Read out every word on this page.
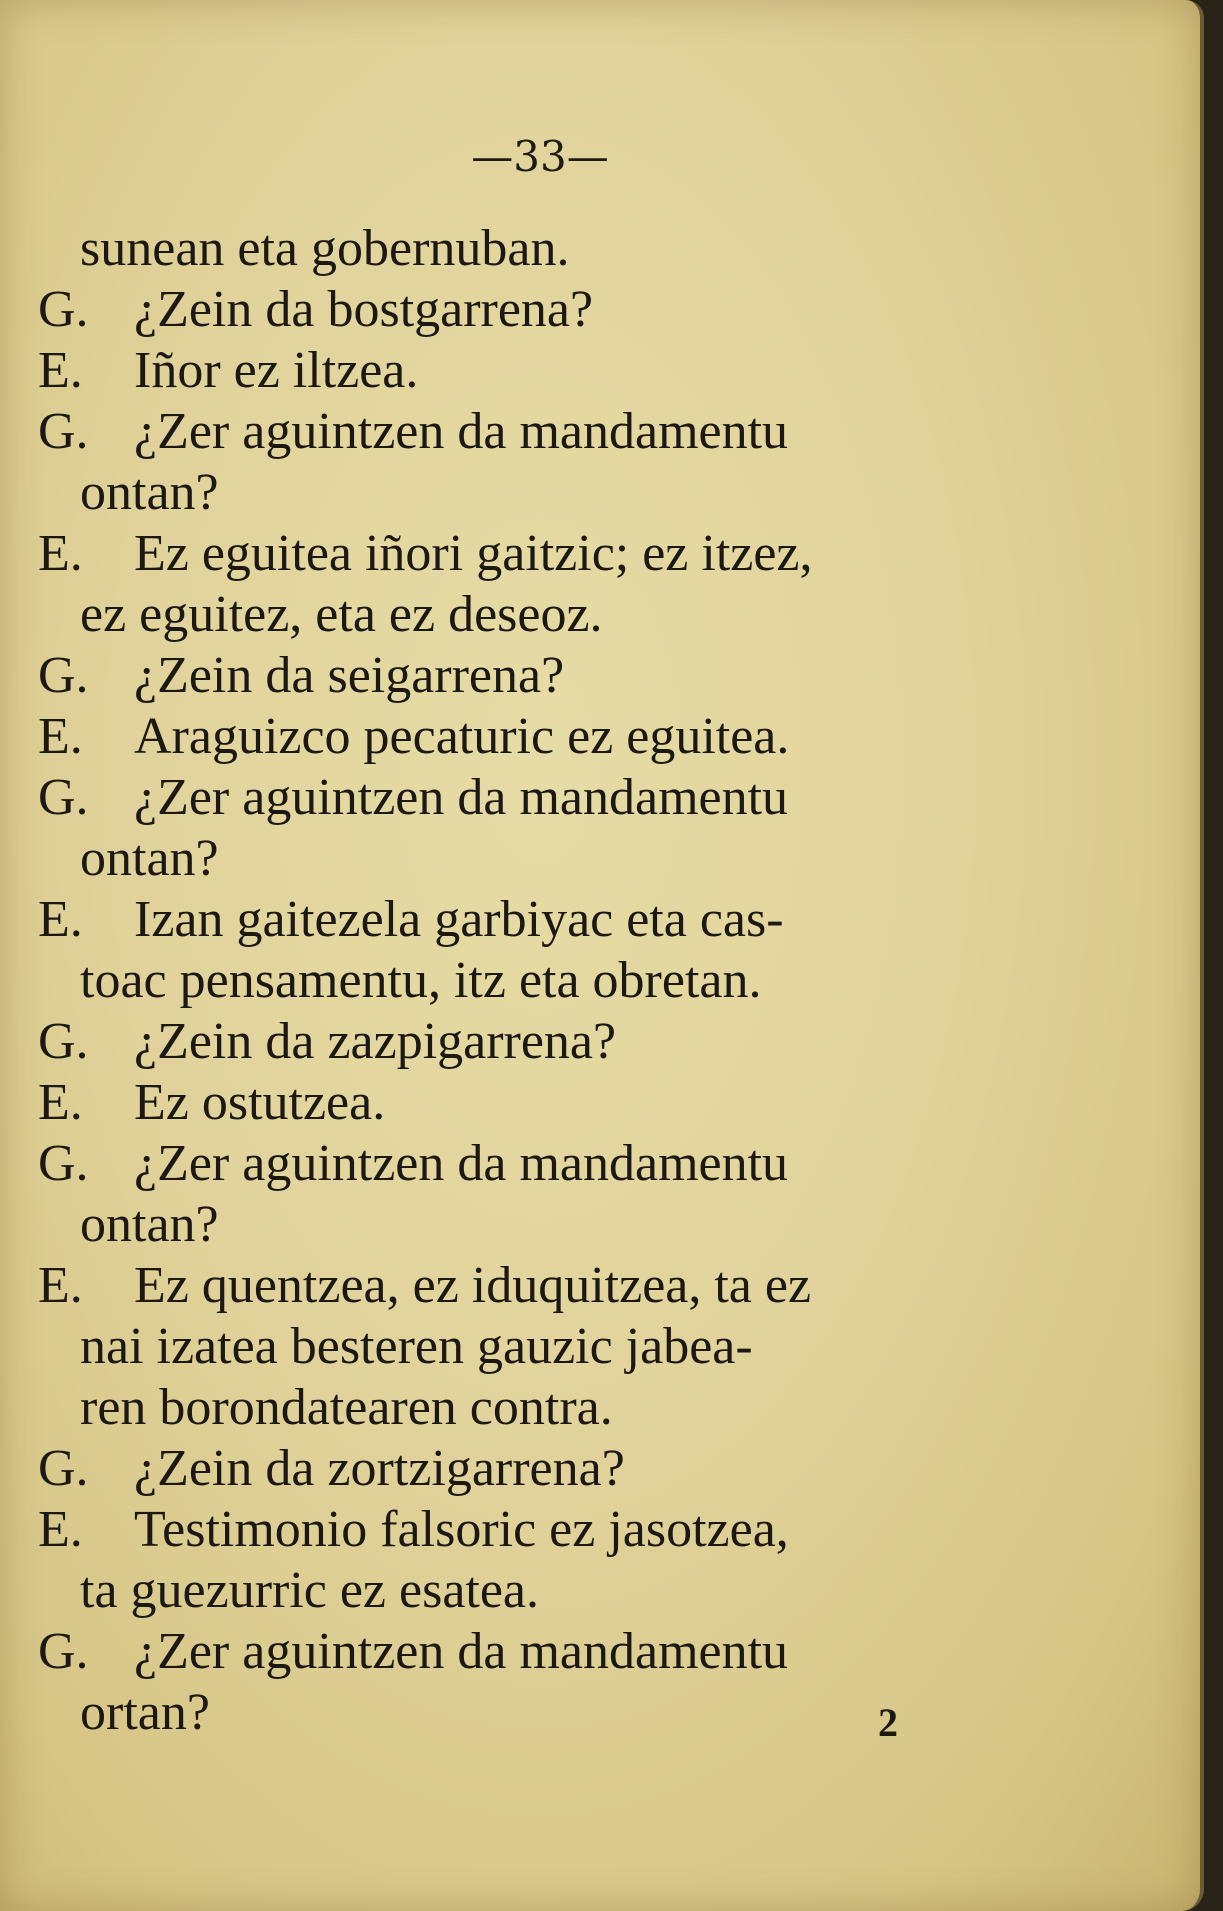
—33—
sunean eta gobernuban.
G. ¿Zein da bostgarrena?
E. Iñor ez iltzea.
G. ¿Zer aguintzen da mandamentu
ontan?
E. Ez eguitea iñori gaitzic; ez itzez,
ez eguitez, eta ez deseoz.
G. ¿Zein da seigarrena?
E. Araguizco pecaturic ez eguitea.
G. ¿Zer aguintzen da mandamentu
ontan?
E. Izan gaitezela garbiyac eta cas-
toac pensamentu, itz eta obretan.
G. ¿Zein da zazpigarrena?
E. Ez ostutzea.
G. ¿Zer aguintzen da mandamentu
ontan?
E. Ez quentzea, ez iduquitzea, ta ez
nai izatea besteren gauzic jabea-
ren borondatearen contra.
G. ¿Zein da zortzigarrena?
E. Testimonio falsoric ez jasotzea,
ta guezurric ez esatea.
G. ¿Zer aguintzen da mandamentu
ortan?	2
